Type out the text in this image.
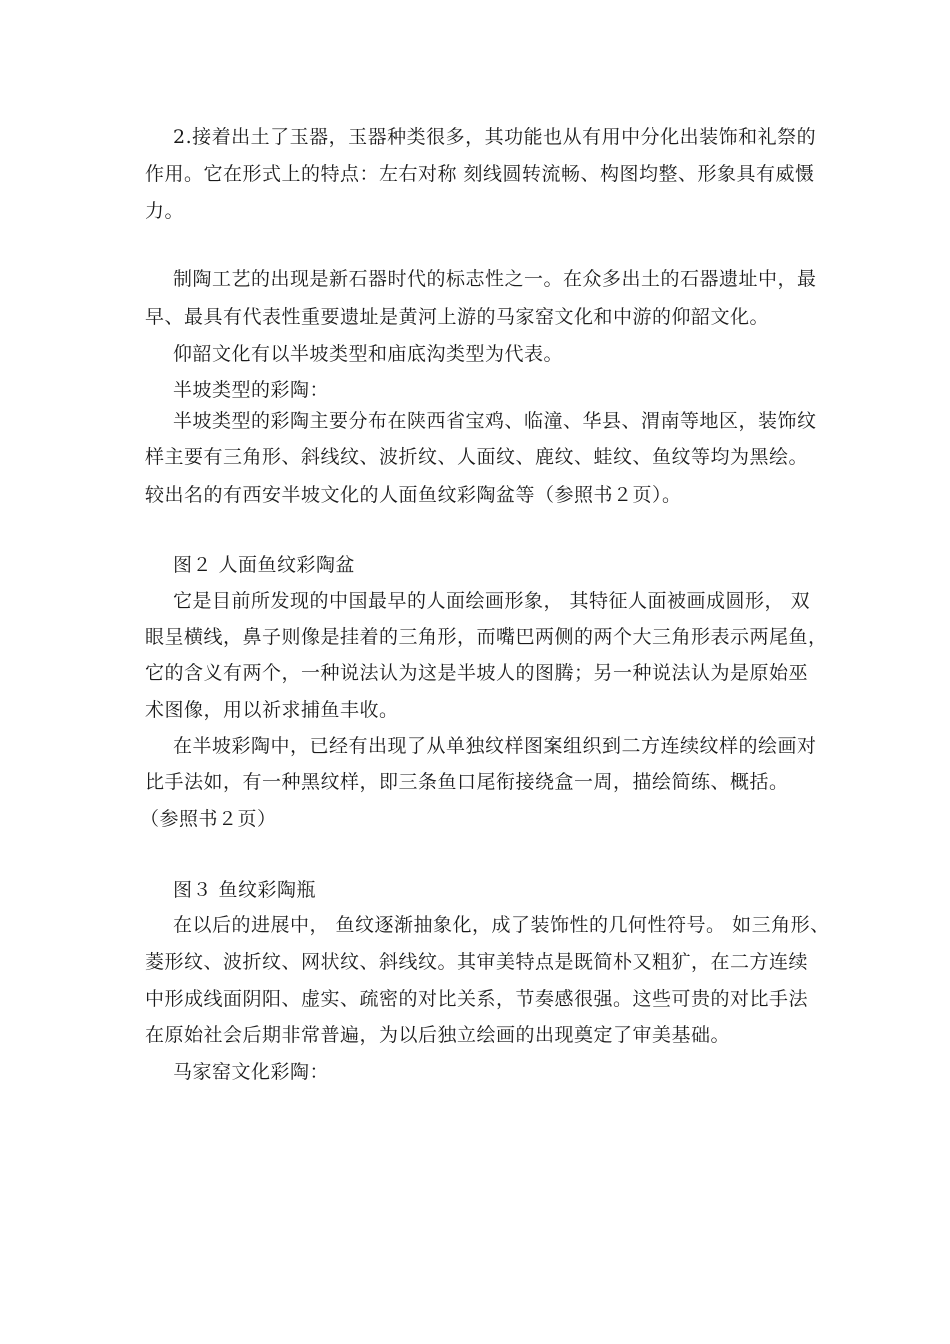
2.接着出土了玉器，玉器种类很多，其功能也从有用中分化出装饰和礼祭的
作用。它在形式上的特点：左右对称 刻线圆转流畅、构图均整、形象具有威慑
力。
制陶工艺的出现是新石器时代的标志性之一。在众多出土的石器遗址中，最
早、最具有代表性重要遗址是黄河上游的马家窑文化和中游的仰韶文化。
仰韶文化有以半坡类型和庙底沟类型为代表。
半坡类型的彩陶：
半坡类型的彩陶主要分布在陕西省宝鸡、临潼、华县、渭南等地区，装饰纹
样主要有三角形、斜线纹、波折纹、人面纹、鹿纹、蛙纹、鱼纹等均为黑绘。
较出名的有西安半坡文化的人面鱼纹彩陶盆等（参照书２页）。
图２ 人面鱼纹彩陶盆
它是目前所发现的中国最早的人面绘画形象， 其特征人面被画成圆形， 双
眼呈横线，鼻子则像是挂着的三角形，而嘴巴两侧的两个大三角形表示两尾鱼，
它的含义有两个，一种说法认为这是半坡人的图腾；另一种说法认为是原始巫
术图像，用以祈求捕鱼丰收。
在半坡彩陶中，已经有出现了从单独纹样图案组织到二方连续纹样的绘画对
比手法如，有一种黑纹样，即三条鱼口尾衔接绕盒一周，描绘简练、概括。
（参照书２页）
图３ 鱼纹彩陶瓶
在以后的进展中， 鱼纹逐渐抽象化，成了装饰性的几何性符号。 如三角形、
菱形纹、波折纹、网状纹、斜线纹。其审美特点是既简朴又粗犷，在二方连续
中形成线面阴阳、虚实、疏密的对比关系，节奏感很强。这些可贵的对比手法
在原始社会后期非常普遍，为以后独立绘画的出现奠定了审美基础。
马家窑文化彩陶：
